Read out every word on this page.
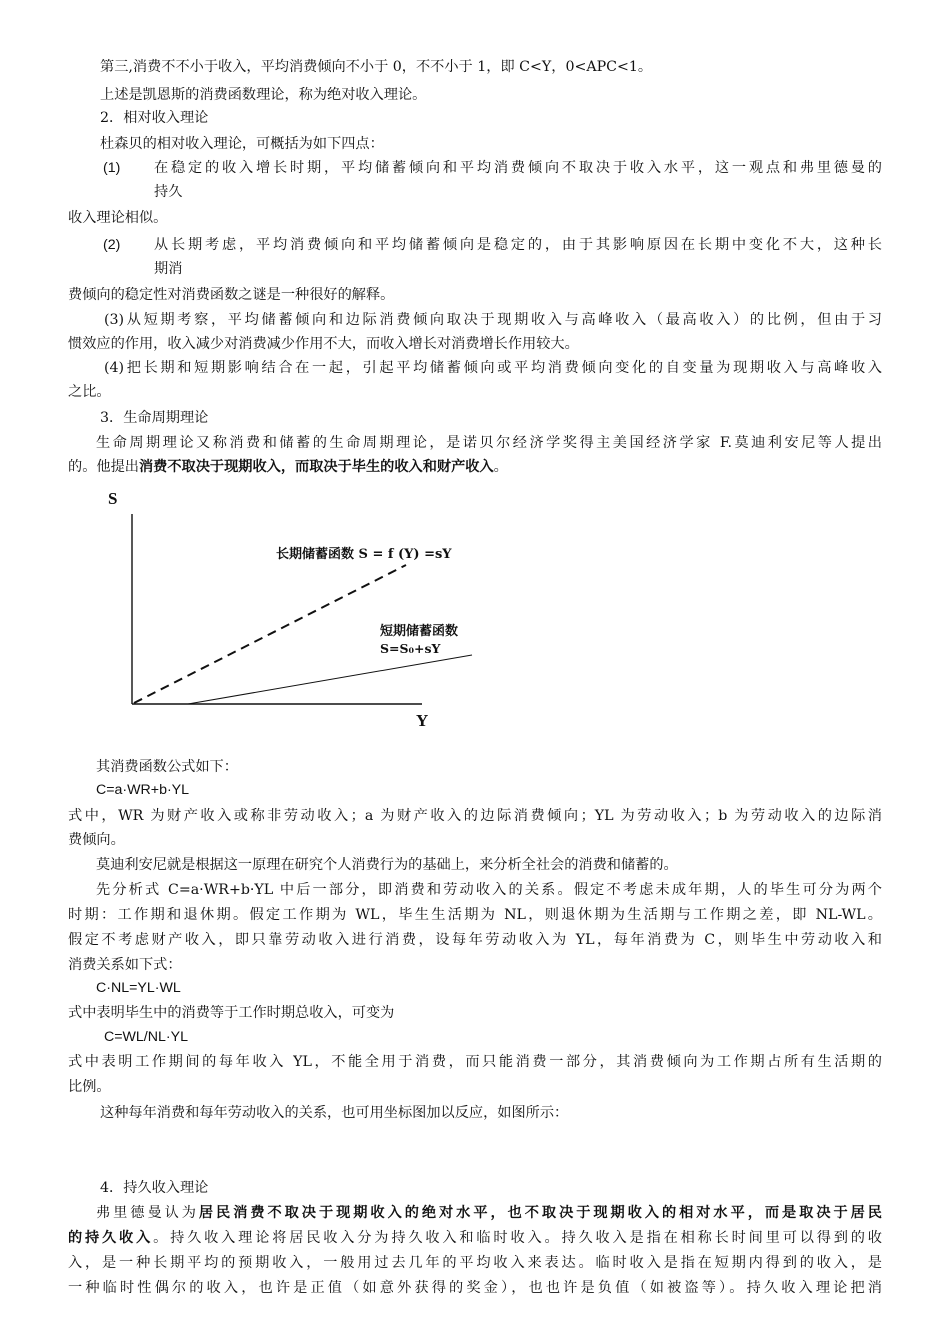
第三,消费不不小于收入，平均消费倾向不小于 0，不不小于 1，即 C<Y，0<APC<1。
上述是凯恩斯的消费函数理论，称为绝对收入理论。
2．相对收入理论
杜森贝的相对收入理论，可概括为如下四点：
(1) 在稳定的收入增长时期，平均储蓄倾向和平均消费倾向不取决于收入水平，这一观点和弗里德曼的
持久
收入理论相似。
(2) 从长期考虑，平均消费倾向和平均储蓄倾向是稳定的，由于其影响原因在长期中变化不大，这种长
期消
费倾向的稳定性对消费函数之谜是一种很好的解释。
(3)从短期考察，平均储蓄倾向和边际消费倾向取决于现期收入与高峰收入（最高收入）的比例，但由于习
惯效应的作用，收入减少对消费减少作用不大，而收入增长对消费增长作用较大。
(4)把长期和短期影响结合在一起，引起平均储蓄倾向或平均消费倾向变化的自变量为现期收入与高峰收入
之比。
3．生命周期理论
生命周期理论又称消费和储蓄的生命周期理论，是诺贝尔经济学奖得主美国经济学家 F.莫迪利安尼等人提出
的。他提出消费不取决于现期收入，而取决于毕生的收入和财产收入。
S
Y
长期储蓄函数 S = f (Y) =sY
短期储蓄函数
S=S₀+sY
其消费函数公式如下：
C=a·WR+b·YL
式中，WR 为财产收入或称非劳动收入；a 为财产收入的边际消费倾向；YL 为劳动收入；b 为劳动收入的边际消
费倾向。
莫迪利安尼就是根据这一原理在研究个人消费行为的基础上，来分析全社会的消费和储蓄的。
先分析式 C=a·WR+b·YL 中后一部分，即消费和劳动收入的关系。假定不考虑未成年期，人的毕生可分为两个
时期：工作期和退休期。假定工作期为 WL，毕生生活期为 NL，则退休期为生活期与工作期之差，即 NL-WL。
假定不考虑财产收入，即只靠劳动收入进行消费，设每年劳动收入为 YL，每年消费为 C，则毕生中劳动收入和
消费关系如下式：
C·NL=YL·WL
式中表明毕生中的消费等于工作时期总收入，可变为
C=WL/NL·YL
式中表明工作期间的每年收入 YL，不能全用于消费，而只能消费一部分，其消费倾向为工作期占所有生活期的
比例。
这种每年消费和每年劳动收入的关系，也可用坐标图加以反应，如图所示：
4．持久收入理论
弗里德曼认为居民消费不取决于现期收入的绝对水平，也不取决于现期收入的相对水平，而是取决于居民
的持久收入。持久收入理论将居民收入分为持久收入和临时收入。持久收入是指在相称长时间里可以得到的收
入，是一种长期平均的预期收入，一般用过去几年的平均收入来表达。临时收入是指在短期内得到的收入，是
一种临时性偶尔的收入，也许是正值（如意外获得的奖金），也也许是负值（如被盗等）。持久收入理论把消
